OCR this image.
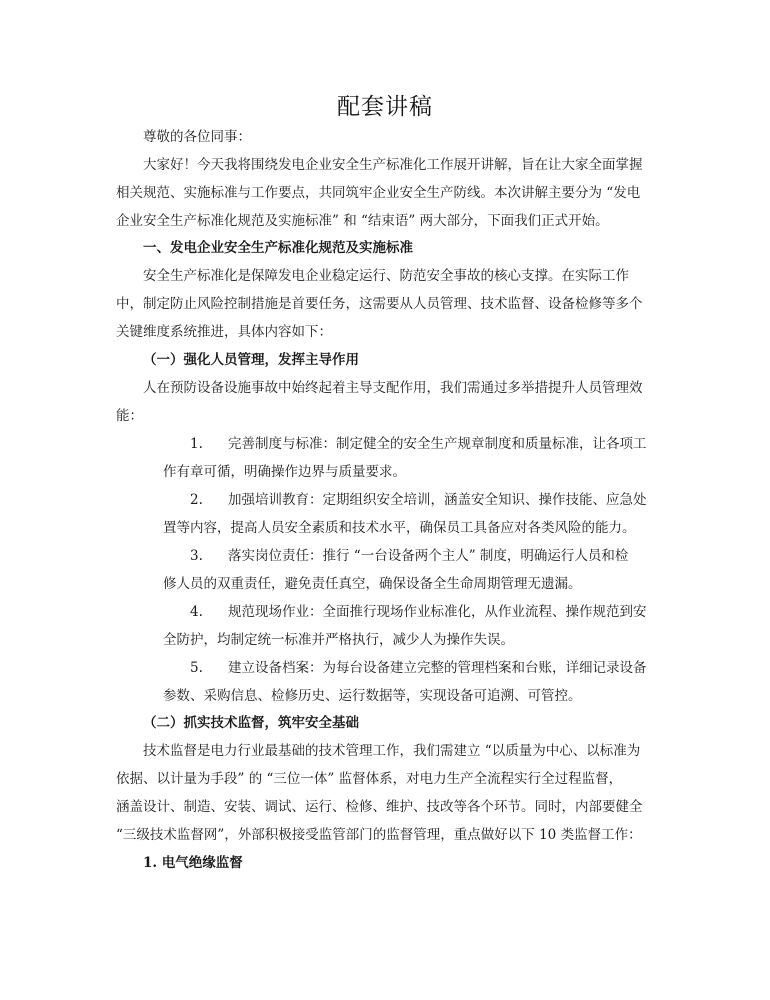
配套讲稿
尊敬的各位同事：
大家好！今天我将围绕发电企业安全生产标准化工作展开讲解，旨在让大家全面掌握
相关规范、实施标准与工作要点，共同筑牢企业安全生产防线。本次讲解主要分为 “发电
企业安全生产标准化规范及实施标准” 和 “结束语” 两大部分，下面我们正式开始。
一、发电企业安全生产标准化规范及实施标准
安全生产标准化是保障发电企业稳定运行、防范安全事故的核心支撑。在实际工作
中，制定防止风险控制措施是首要任务，这需要从人员管理、技术监督、设备检修等多个
关键维度系统推进，具体内容如下：
（一）强化人员管理，发挥主导作用
人在预防设备设施事故中始终起着主导支配作用，我们需通过多举措提升人员管理效
能：
1. 完善制度与标准：制定健全的安全生产规章制度和质量标准，让各项工
作有章可循，明确操作边界与质量要求。
2. 加强培训教育：定期组织安全培训，涵盖安全知识、操作技能、应急处
置等内容，提高人员安全素质和技术水平，确保员工具备应对各类风险的能力。
3. 落实岗位责任：推行 “一台设备两个主人” 制度，明确运行人员和检
修人员的双重责任，避免责任真空，确保设备全生命周期管理无遗漏。
4. 规范现场作业：全面推行现场作业标准化，从作业流程、操作规范到安
全防护，均制定统一标准并严格执行，减少人为操作失误。
5. 建立设备档案：为每台设备建立完整的管理档案和台账，详细记录设备
参数、采购信息、检修历史、运行数据等，实现设备可追溯、可管控。
（二）抓实技术监督，筑牢安全基础
技术监督是电力行业最基础的技术管理工作，我们需建立 “以质量为中心、以标准为
依据、以计量为手段” 的 “三位一体” 监督体系，对电力生产全流程实行全过程监督，
涵盖设计、制造、安装、调试、运行、检修、维护、技改等各个环节。同时，内部要健全
“三级技术监督网”，外部积极接受监管部门的监督管理，重点做好以下 10 类监督工作：
1. 电气绝缘监督
